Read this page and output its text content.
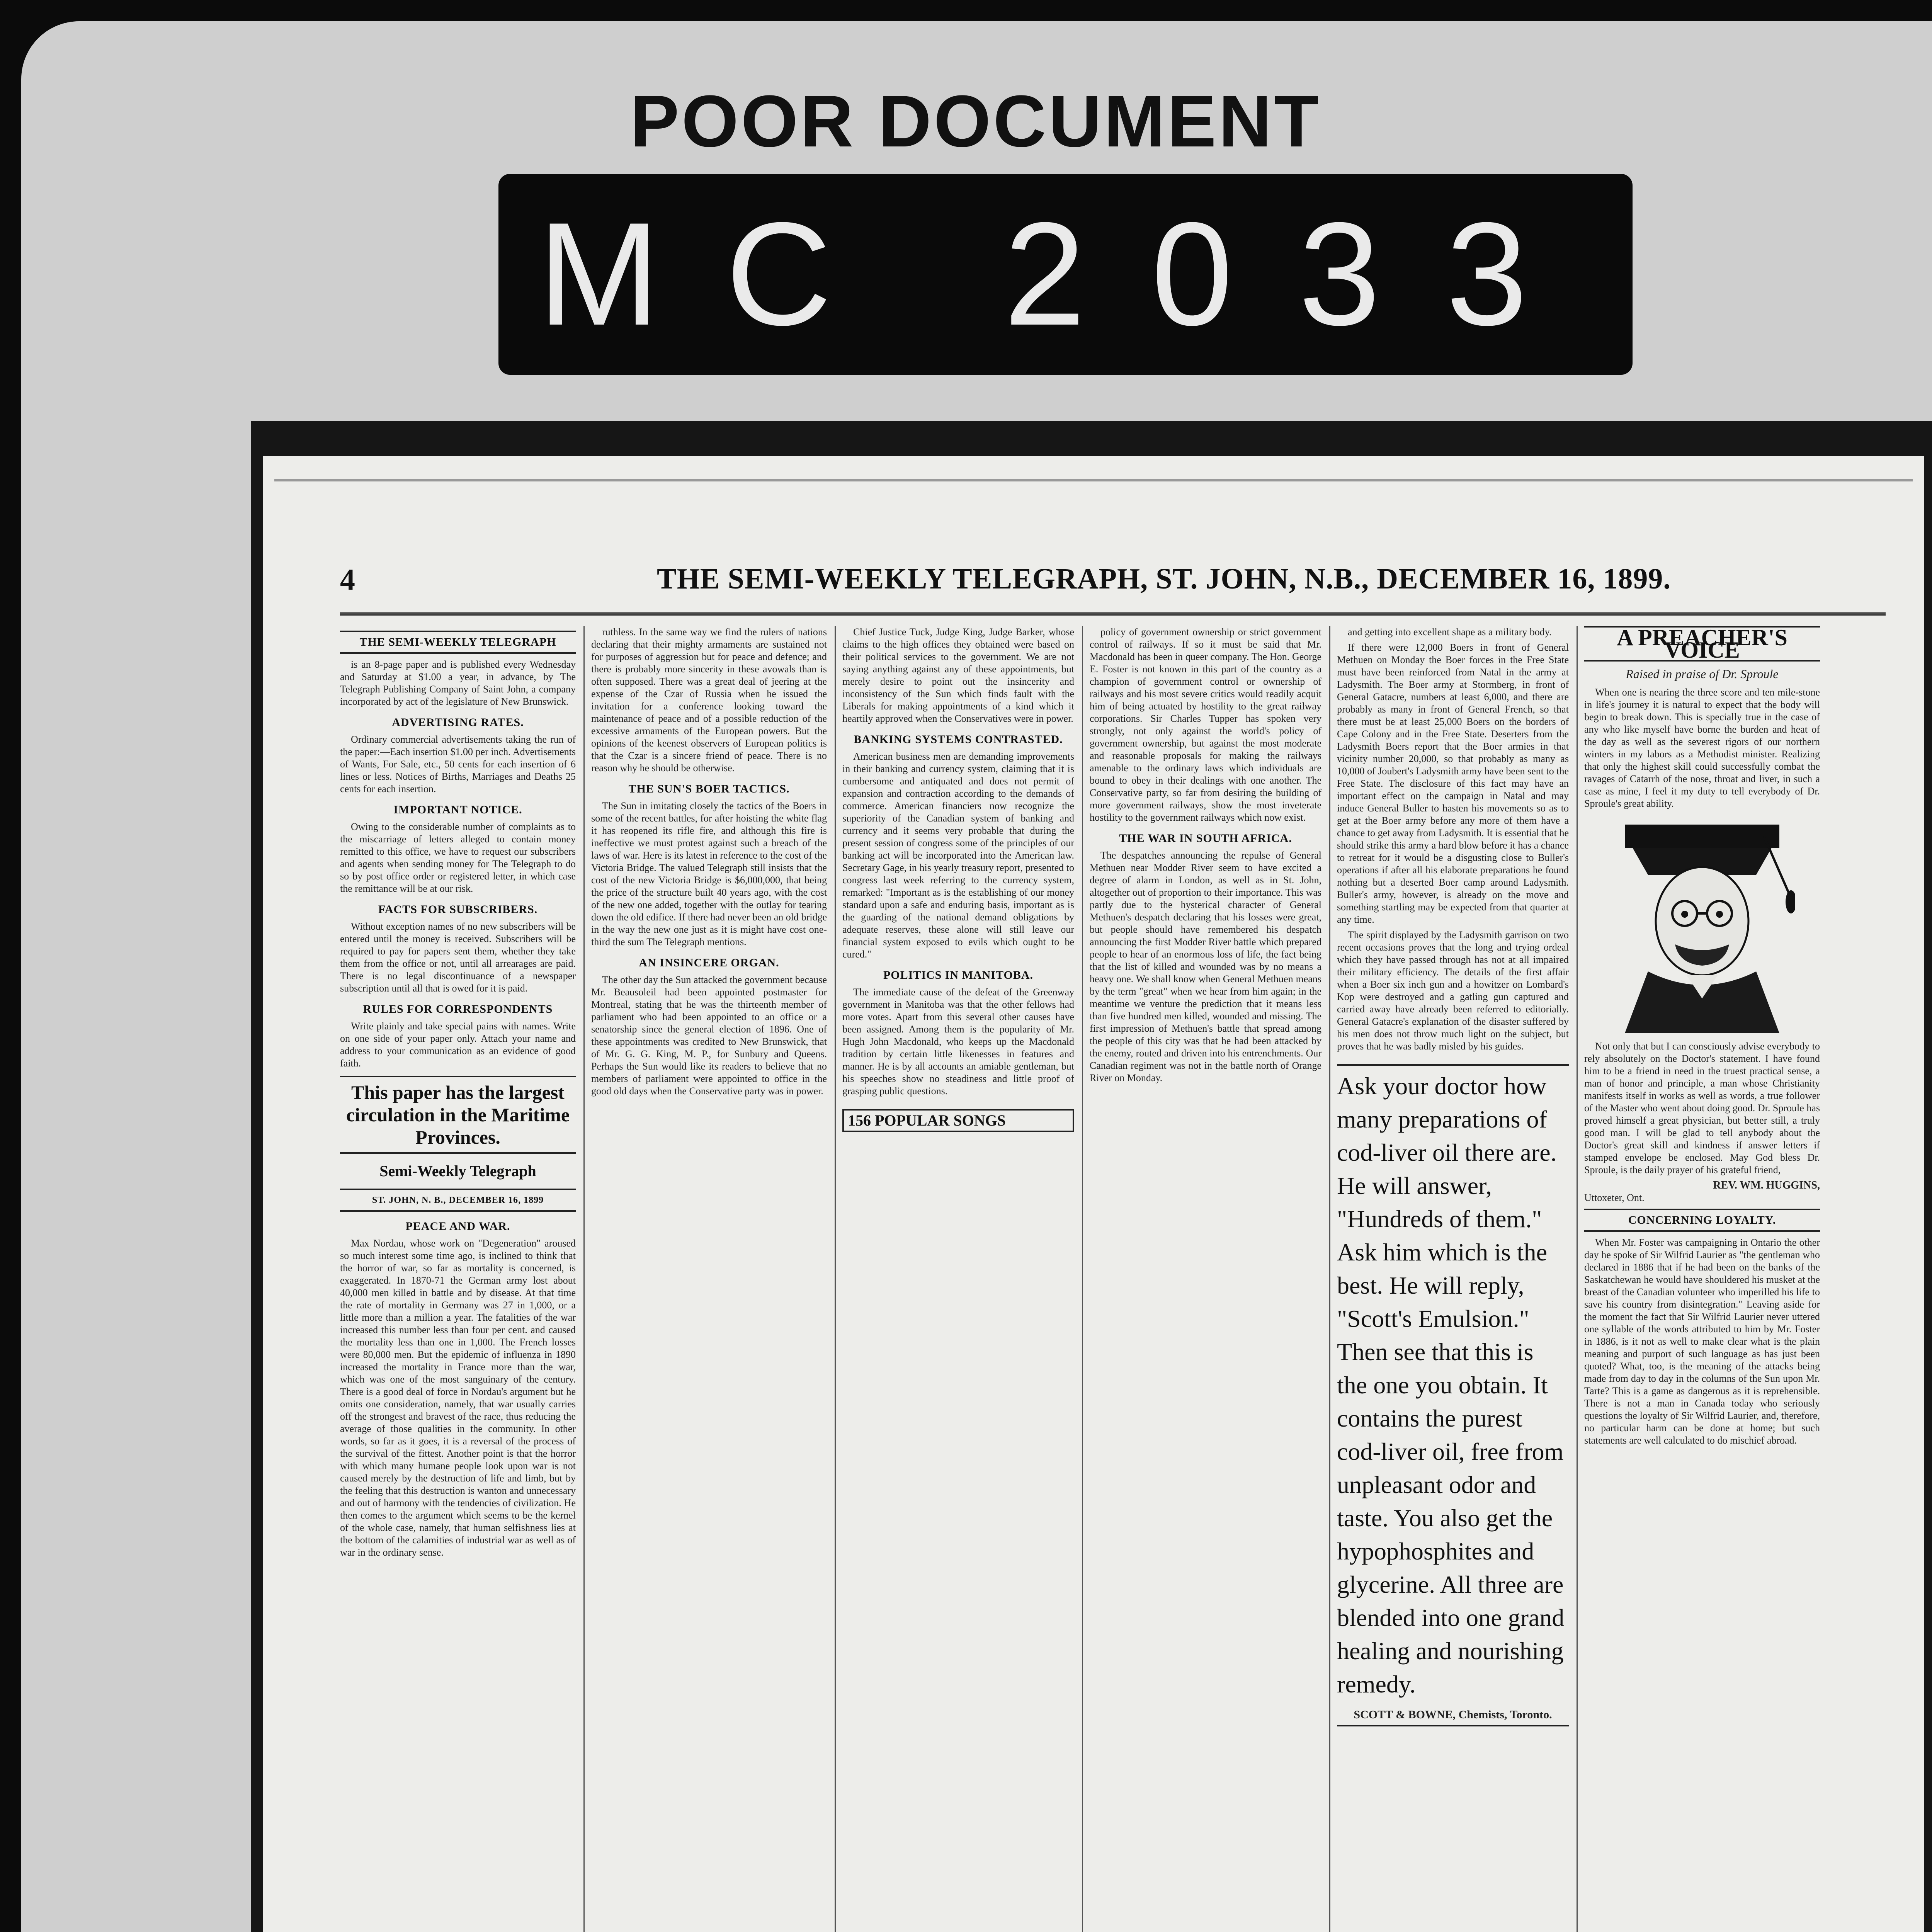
POOR DOCUMENT
MC 2033
4	THE SEMI-WEEKLY TELEGRAPH, ST. JOHN, N.B., DECEMBER 16, 1899.
THE SEMI-WEEKLY TELEGRAPH

is an 8-page paper and is published every Wednesday and Saturday at $1.00 a year, in advance, by The Telegraph Publishing Company of Saint John, a company incorporated by act of the legislature of New Brunswick.

ADVERTISING RATES.

Ordinary commercial advertisements taking the run of the paper:—Each insertion $1.00 per inch. Advertisements of Wants, For Sale, etc., 50 cents for each insertion of 6 lines or less. Notices of Births, Marriages and Deaths 25 cents for each insertion.

IMPORTANT NOTICE.

Owing to the considerable number of complaints as to the miscarriage of letters alleged to contain money remitted to this office, we have to request our subscribers and agents when sending money for The Telegraph to do so by post office order or registered letter, in which case the remittance will be at our risk.

FACTS FOR SUBSCRIBERS.

Without exception names of no new subscribers will be entered until the money is received. Subscribers will be required to pay for papers sent them, whether they take them from the office or not, until all arrearages are paid. There is no legal discontinuance of a newspaper subscription until all that is owed for it is paid.

RULES FOR CORRESPONDENTS

Write plainly and take special pains with names. Write on one side of your paper only. Attach your name and address to your communication as an evidence of good faith.

This paper has the largest circulation in the Maritime Provinces.
Semi-Weekly Telegraph
ST. JOHN, N. B., DECEMBER 16, 1899
PEACE AND WAR.

Max Nordau, whose work on "Degeneration" aroused so much interest some time ago, is inclined to think that the horror of war, so far as mortality is concerned, is exaggerated. In 1870-71 the German army lost about 40,000 men killed in battle and by disease. At that time the rate of mortality in Germany was 27 in 1,000, or a little more than a million a year. The fatalities of the war increased this number less than four per cent. and caused the mortality less than one in 1,000. The French losses were 80,000 men. But the epidemic of influenza in 1890 increased the mortality in France more than the war, which was one of the most sanguinary of the century. There is a good deal of force in Nordau's argument but he omits one consideration, namely, that war usually carries off the strongest and bravest of the race, thus reducing the average of those qualities in the community. In other words, so far as it goes, it is a reversal of the process of the survival of the fittest. Another point is that the horror with which many humane people look upon war is not caused merely by the destruction of life and limb, but by the feeling that this destruction is wanton and unnecessary and out of harmony with the tendencies of civilization. He then comes to the argument which seems to be the kernel of the whole case, namely, that human selfishness lies at the bottom of the calamities of industrial war as well as of war in the ordinary sense.

ruthless. In the same way we find the rulers of nations declaring that their mighty armaments are sustained not for purposes of aggression but for peace and defence; and there is probably more sincerity in these avowals than is often supposed. There was a great deal of jeering at the expense of the Czar of Russia when he issued the invitation for a conference looking toward the maintenance of peace and of a possible reduction of the excessive armaments of the European powers. But the opinions of the keenest observers of European politics is that the Czar is a sincere friend of peace. There is no reason why he should be otherwise.

THE SUN'S BOER TACTICS.

The Sun in imitating closely the tactics of the Boers in some of the recent battles, for after hoisting the white flag it has reopened its rifle fire, and although this fire is ineffective we must protest against such a breach of the laws of war. Here is its latest in reference to the cost of the Victoria Bridge. The valued Telegraph still insists that the cost of the new Victoria Bridge is $6,000,000, that being the price of the structure built 40 years ago, with the cost of the new one added, together with the outlay for tearing down the old edifice. If there had never been an old bridge in the way the new one just as it is might have cost one-third the sum The Telegraph mentions.

AN INSINCERE ORGAN.

The other day the Sun attacked the government because Mr. Beausoleil had been appointed postmaster for Montreal, stating that he was the thirteenth member of parliament who had been appointed to an office or a senatorship since the general election of 1896. One of these appointments was credited to New Brunswick, that of Mr. G. G. King, M. P., for Sunbury and Queens. Perhaps the Sun would like its readers to believe that no members of parliament were appointed to office in the good old days when the Conservative party was in power.

Chief Justice Tuck, Judge King, Judge Barker, whose claims to the high offices they obtained were based on their political services to the government. We are not saying anything against any of these appointments, but merely desire to point out the insincerity and inconsistency of the Sun which finds fault with the Liberals for making appointments of a kind which it heartily approved when the Conservatives were in power.

BANKING SYSTEMS CONTRASTED.

American business men are demanding improvements in their banking and currency system, claiming that it is cumbersome and antiquated and does not permit of expansion and contraction according to the demands of commerce. American financiers now recognize the superiority of the Canadian system of banking and currency and it seems very probable that during the present session of congress some of the principles of our banking act will be incorporated into the American law. Secretary Gage, in his yearly treasury report, presented to congress last week referring to the currency system, remarked: "Important as is the establishing of our money standard upon a safe and enduring basis, important as is the guarding of the national demand obligations by adequate reserves, these alone will still leave our financial system exposed to evils which ought to be cured."

POLITICS IN MANITOBA.

The immediate cause of the defeat of the Greenway government in Manitoba was that the other fellows had more votes. Apart from this several other causes have been assigned. Among them is the popularity of Mr. Hugh John Macdonald, who keeps up the Macdonald tradition by certain little likenesses in features and manner. He is by all accounts an amiable gentleman, but his speeches show no steadiness and little proof of grasping public questions.

156 POPULAR SONGS

policy of government ownership or strict government control of railways. If so it must be said that Mr. Macdonald has been in queer company. The Hon. George E. Foster is not known in this part of the country as a champion of government control or ownership of railways and his most severe critics would readily acquit him of being actuated by hostility to the great railway corporations. Sir Charles Tupper has spoken very strongly, not only against the world's policy of government ownership, but against the most moderate and reasonable proposals for making the railways amenable to the ordinary laws which individuals are bound to obey in their dealings with one another. The Conservative party, so far from desiring the building of more government railways, show the most inveterate hostility to the government railways which now exist.

THE WAR IN SOUTH AFRICA.

The despatches announcing the repulse of General Methuen near Modder River seem to have excited a degree of alarm in London, as well as in St. John, altogether out of proportion to their importance. This was partly due to the hysterical character of General Methuen's despatch declaring that his losses were great, but people should have remembered his despatch announcing the first Modder River battle which prepared people to hear of an enormous loss of life, the fact being that the list of killed and wounded was by no means a heavy one. We shall know when General Methuen means by the term "great" when we hear from him again; in the meantime we venture the prediction that it means less than five hundred men killed, wounded and missing. The first impression of Methuen's battle that spread among the people of this city was that he had been attacked by the enemy, routed and driven into his entrenchments. Our Canadian regiment was not in the battle north of Orange River on Monday.

and getting into excellent shape as a military body.

If there were 12,000 Boers in front of General Methuen on Monday the Boer forces in the Free State must have been reinforced from Natal in the army at Ladysmith. The Boer army at Stormberg, in front of General Gatacre, numbers at least 6,000, and there are probably as many in front of General French, so that there must be at least 25,000 Boers on the borders of Cape Colony and in the Free State. Deserters from the Ladysmith Boers report that the Boer armies in that vicinity number 20,000, so that probably as many as 10,000 of Joubert's Ladysmith army have been sent to the Free State. The disclosure of this fact may have an important effect on the campaign in Natal and may induce General Buller to hasten his movements so as to get at the Boer army before any more of them have a chance to get away from Ladysmith. It is essential that he should strike this army a hard blow before it has a chance to retreat for it would be a disgusting close to Buller's operations if after all his elaborate preparations he found nothing but a deserted Boer camp around Ladysmith. Buller's army, however, is already on the move and something startling may be expected from that quarter at any time.

The spirit displayed by the Ladysmith garrison on two recent occasions proves that the long and trying ordeal which they have passed through has not at all impaired their military efficiency. The details of the first affair when a Boer six inch gun and a howitzer on Lombard's Kop were destroyed and a gatling gun captured and carried away have already been referred to editorially. General Gatacre's explanation of the disaster suffered by his men does not throw much light on the subject, but proves that he was badly misled by his guides.

Ask your doctor how many preparations of cod-liver oil there are. He will answer, "Hundreds of them." Ask him which is the best. He will reply, "Scott's Emulsion." Then see that this is the one you obtain. It contains the purest cod-liver oil, free from unpleasant odor and taste. You also get the hypophosphites and glycerine. All three are blended into one grand healing and nourishing remedy.
SCOTT & BOWNE, Chemists, Toronto.
A PREACHER'S VOICE
Raised in praise of Dr. Sproule

When one is nearing the three score and ten mile-stone in life's journey it is natural to expect that the body will begin to break down. This is specially true in the case of any who like myself have borne the burden and heat of the day as well as the severest rigors of our northern winters in my labors as a Methodist minister. Realizing that only the highest skill could successfully combat the ravages of Catarrh of the nose, throat and liver, in such a case as mine, I feel it my duty to tell everybody of Dr. Sproule's great ability.

Not only that but I can consciously advise everybody to rely absolutely on the Doctor's statement. I have found him to be a friend in need in the truest practical sense, a man of honor and principle, a man whose Christianity manifests itself in works as well as words, a true follower of the Master who went about doing good. Dr. Sproule has proved himself a great physician, but better still, a truly good man. I will be glad to tell anybody about the Doctor's great skill and kindness if answer letters if stamped envelope be enclosed. May God bless Dr. Sproule, is the daily prayer of his grateful friend,

REV. WM. HUGGINS,

Uttoxeter, Ont.

CONCERNING LOYALTY.

When Mr. Foster was campaigning in Ontario the other day he spoke of Sir Wilfrid Laurier as "the gentleman who declared in 1886 that if he had been on the banks of the Saskatchewan he would have shouldered his musket at the breast of the Canadian volunteer who imperilled his life to save his country from disintegration." Leaving aside for the moment the fact that Sir Wilfrid Laurier never uttered one syllable of the words attributed to him by Mr. Foster in 1886, is it not as well to make clear what is the plain meaning and purport of such language as has just been quoted? What, too, is the meaning of the attacks being made from day to day in the columns of the Sun upon Mr. Tarte? This is a game as dangerous as it is reprehensible. There is not a man in Canada today who seriously questions the loyalty of Sir Wilfrid Laurier, and, therefore, no particular harm can be done at home; but such statements are well calculated to do mischief abroad.
